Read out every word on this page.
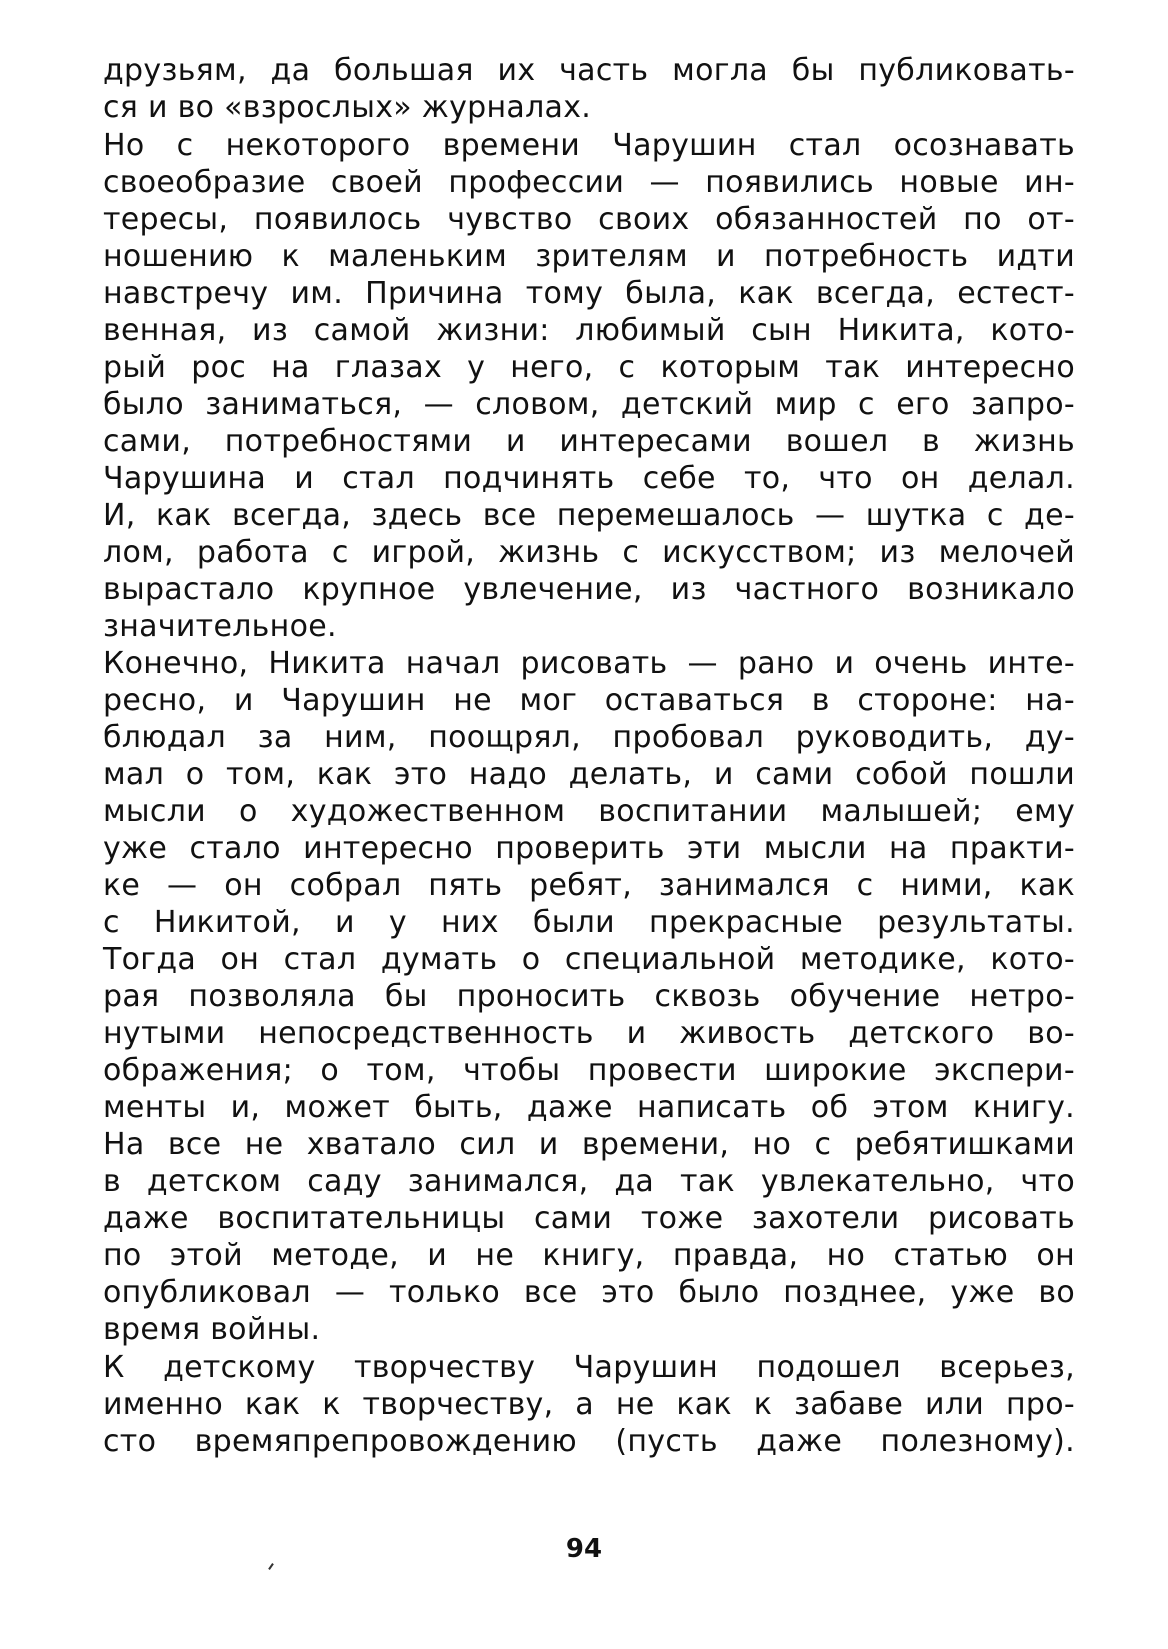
друзьям, да большая их часть могла бы публиковать-
ся и во «взрослых» журналах.
Но с некоторого времени Чарушин стал осознавать
своеобразие своей профессии — появились новые ин-
тересы, появилось чувство своих обязанностей по от-
ношению к маленьким зрителям и потребность идти
навстречу им. Причина тому была, как всегда, естест-
венная, из самой жизни: любимый сын Никита, кото-
рый рос на глазах у него, с которым так интересно
было заниматься, — словом, детский мир с его запро-
сами, потребностями и интересами вошел в жизнь
Чарушина и стал подчинять себе то, что он делал.
И, как всегда, здесь все перемешалось — шутка с де-
лом, работа с игрой, жизнь с искусством; из мелочей
вырастало крупное увлечение, из частного возникало
значительное.
Конечно, Никита начал рисовать — рано и очень инте-
ресно, и Чарушин не мог оставаться в стороне: на-
блюдал за ним, поощрял, пробовал руководить, ду-
мал о том, как это надо делать, и сами собой пошли
мысли о художественном воспитании малышей; ему
уже стало интересно проверить эти мысли на практи-
ке — он собрал пять ребят, занимался с ними, как
с Никитой, и у них были прекрасные результаты.
Тогда он стал думать о специальной методике, кото-
рая позволяла бы проносить сквозь обучение нетро-
нутыми непосредственность и живость детского во-
ображения; о том, чтобы провести широкие экспери-
менты и, может быть, даже написать об этом книгу.
На все не хватало сил и времени, но с ребятишками
в детском саду занимался, да так увлекательно, что
даже воспитательницы сами тоже захотели рисовать
по этой методе, и не книгу, правда, но статью он
опубликовал — только все это было позднее, уже во
время войны.
К детскому творчеству Чарушин подошел всерьез,
именно как к творчеству, а не как к забаве или про-
сто времяпрепровождению (пусть даже полезному).
94
